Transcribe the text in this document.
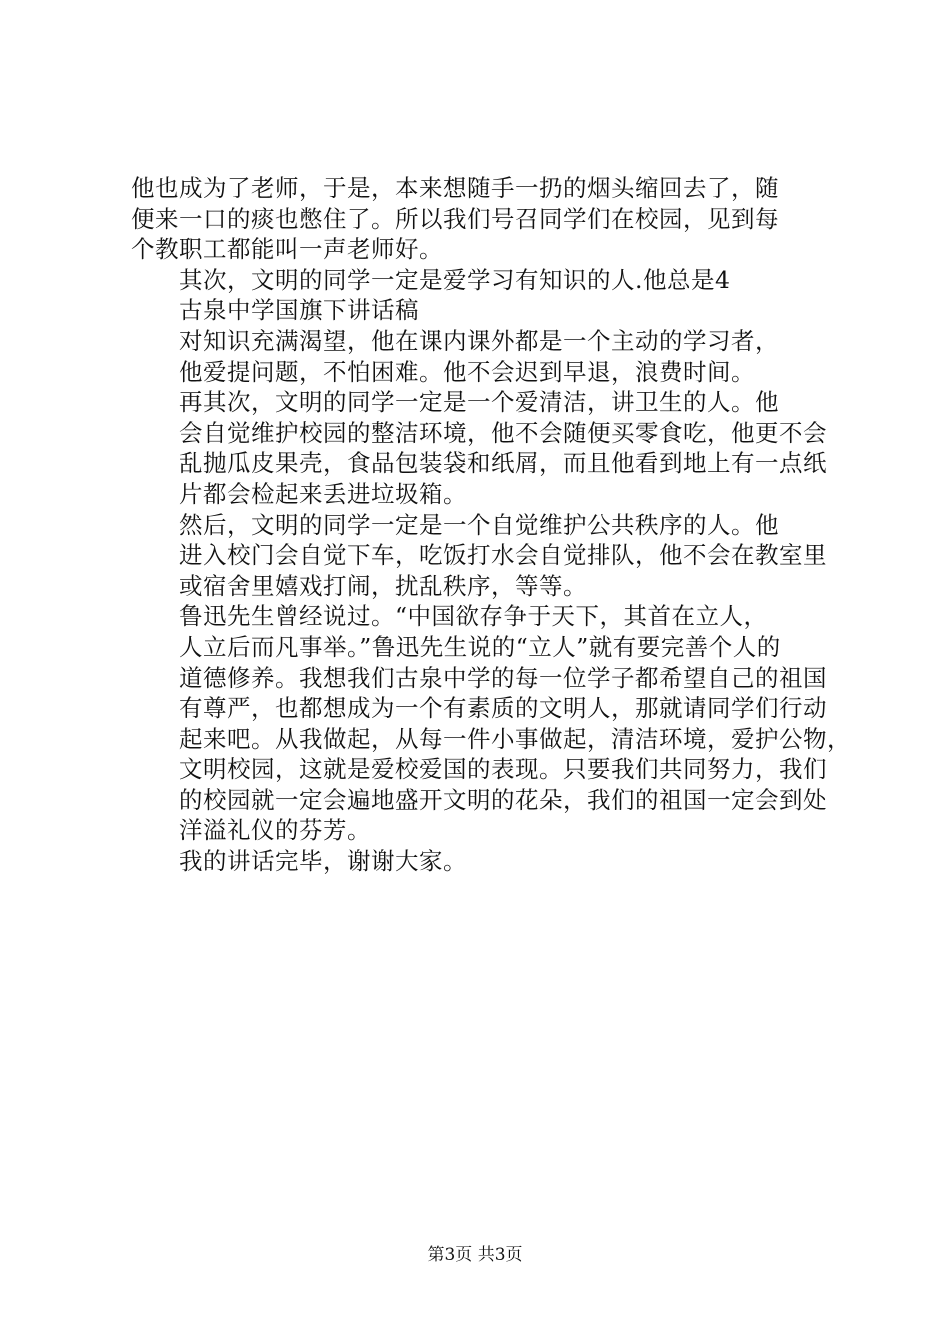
他也成为了老师，于是，本来想随手一扔的烟头缩回去了，随
便来一口的痰也憋住了。所以我们号召同学们在校园，见到每
个教职工都能叫一声老师好。

其次，文明的同学一定是爱学习有知识的人.他总是4

古泉中学国旗下讲话稿

对知识充满渴望，他在课内课外都是一个主动的学习者，
他爱提问题，不怕困难。他不会迟到早退，浪费时间。

再其次，文明的同学一定是一个爱清洁，讲卫生的人。他
会自觉维护校园的整洁环境，他不会随便买零食吃，他更不会
乱抛瓜皮果壳，食品包装袋和纸屑，而且他看到地上有一点纸
片都会检起来丢进垃圾箱。

然后，文明的同学一定是一个自觉维护公共秩序的人。他
进入校门会自觉下车，吃饭打水会自觉排队，他不会在教室里
或宿舍里嬉戏打闹，扰乱秩序，等等。

鲁迅先生曾经说过。“中国欲存争于天下，其首在立人，
人立后而凡事举。”鲁迅先生说的“立人”就有要完善个人的
道德修养。我想我们古泉中学的每一位学子都希望自己的祖国
有尊严，也都想成为一个有素质的文明人，那就请同学们行动
起来吧。从我做起，从每一件小事做起，清洁环境，爱护公物，
文明校园，这就是爱校爱国的表现。只要我们共同努力，我们
的校园就一定会遍地盛开文明的花朵，我们的祖国一定会到处
洋溢礼仪的芬芳。

我的讲话完毕，谢谢大家。

第3页 共3页
